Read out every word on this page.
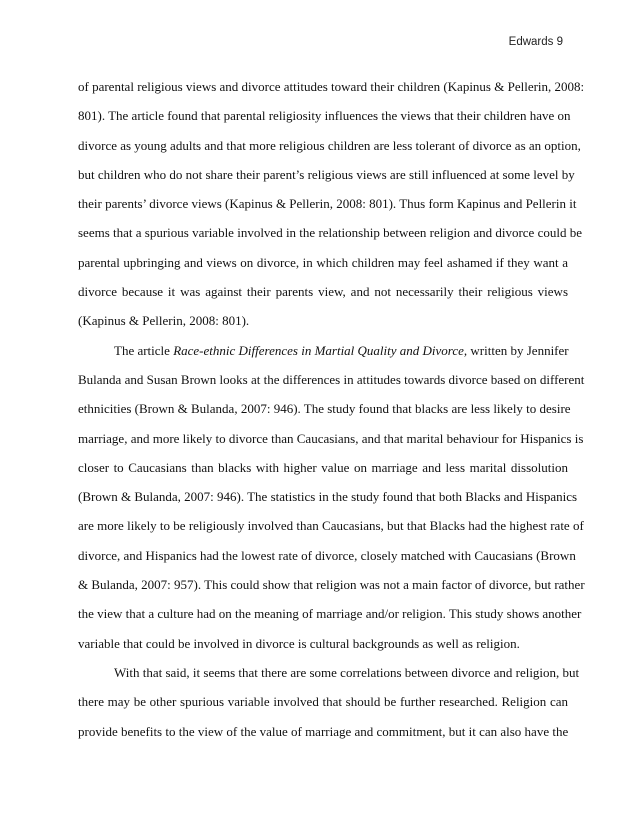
Edwards 9
of parental religious views and divorce attitudes toward their children (Kapinus & Pellerin, 2008:
801). The article found that parental religiosity influences the views that their children have on
divorce as young adults and that more religious children are less tolerant of divorce as an option,
but children who do not share their parent’s religious views are still influenced at some level by
their parents’ divorce views (Kapinus & Pellerin, 2008: 801). Thus form Kapinus and Pellerin it
seems that a spurious variable involved in the relationship between religion and divorce could be
parental upbringing and views on divorce, in which children may feel ashamed if they want a
divorce because it was against their parents view, and not necessarily their religious views
(Kapinus & Pellerin, 2008: 801).
The article Race-ethnic Differences in Martial Quality and Divorce, written by Jennifer
Bulanda and Susan Brown looks at the differences in attitudes towards divorce based on different
ethnicities (Brown & Bulanda, 2007: 946). The study found that blacks are less likely to desire
marriage, and more likely to divorce than Caucasians, and that marital behaviour for Hispanics is
closer to Caucasians than blacks with higher value on marriage and less marital dissolution
(Brown & Bulanda, 2007: 946). The statistics in the study found that both Blacks and Hispanics
are more likely to be religiously involved than Caucasians, but that Blacks had the highest rate of
divorce, and Hispanics had the lowest rate of divorce, closely matched with Caucasians (Brown
& Bulanda, 2007: 957). This could show that religion was not a main factor of divorce, but rather
the view that a culture had on the meaning of marriage and/or religion. This study shows another
variable that could be involved in divorce is cultural backgrounds as well as religion.
With that said, it seems that there are some correlations between divorce and religion, but
there may be other spurious variable involved that should be further researched. Religion can
provide benefits to the view of the value of marriage and commitment, but it can also have the
